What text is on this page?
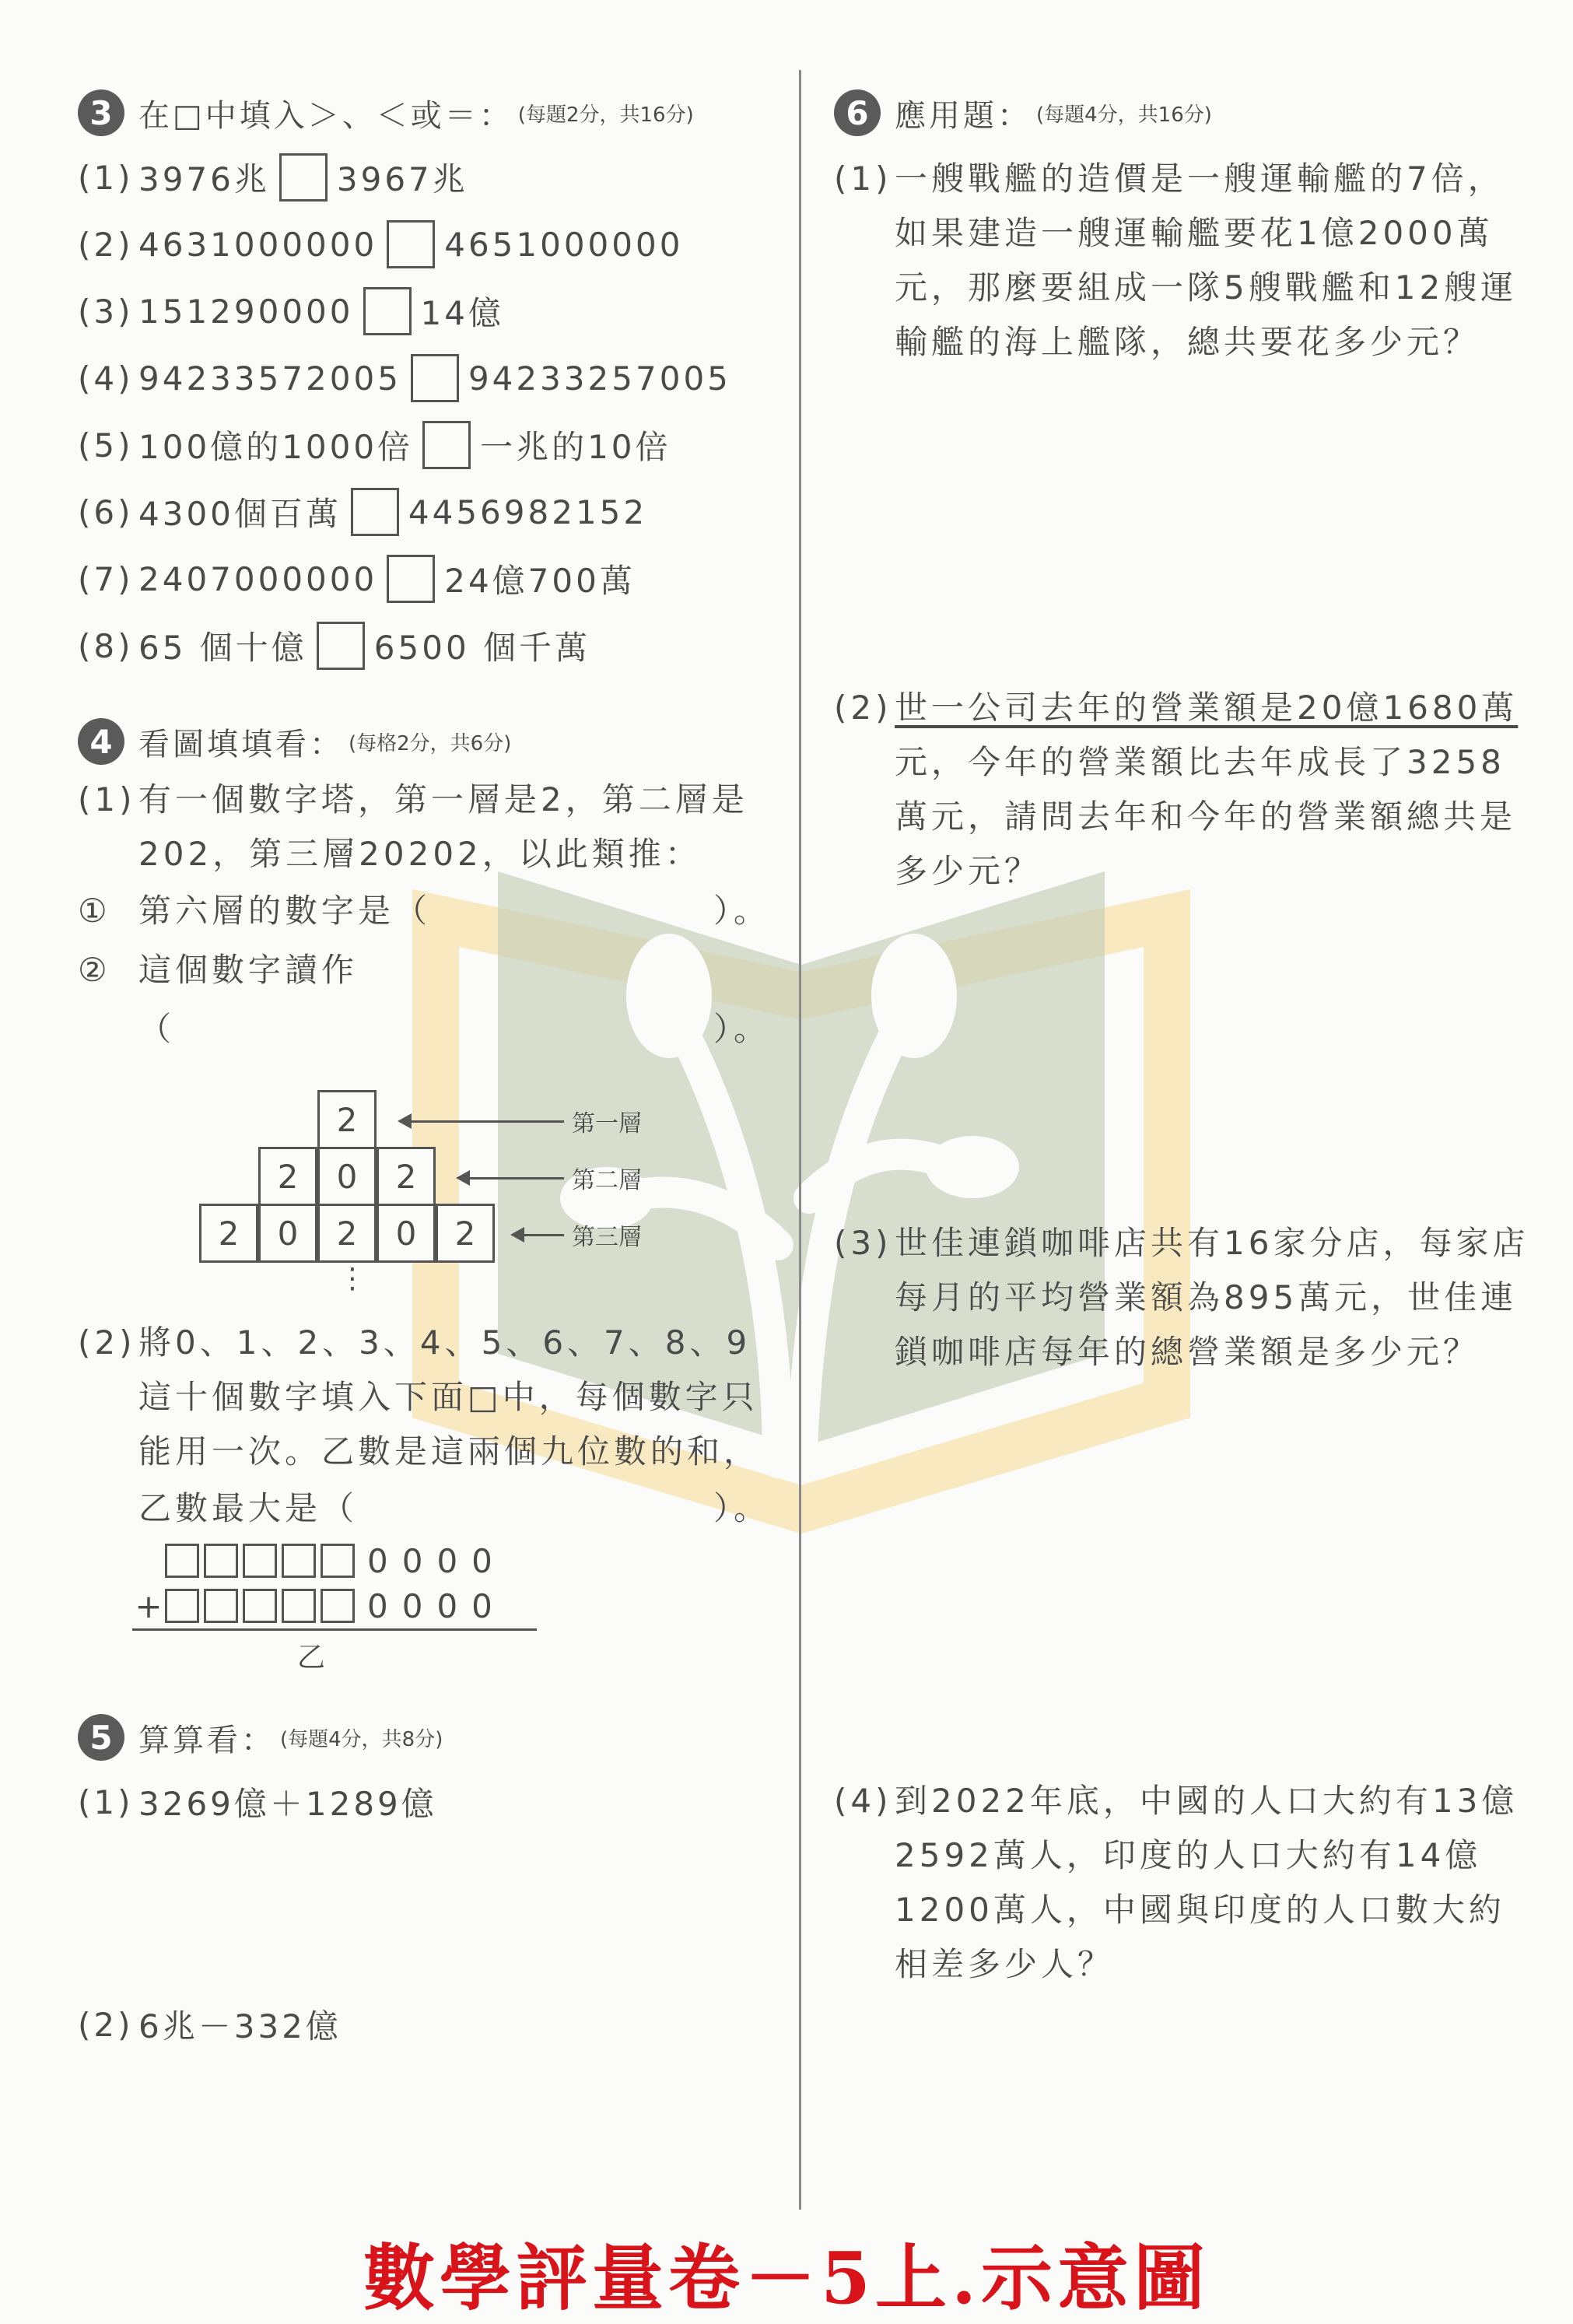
3 在□中填入＞、＜或＝： (每題2分，共16分)
(1) 3976兆 3967兆
(2) 4631000000 4651000000
(3) 151290000 14億
(4) 94233572005 94233257005
(5) 100億的1000倍 一兆的10倍
(6) 4300個百萬 4456982152
(7) 2407000000 24億700萬
(8) 65 個十億 6500 個千萬
4 看圖填填看： (每格2分，共6分)
(1)有一個數字塔，第一層是2，第二層是
202，第三層20202，以此類推：
① 第六層的數字是（	）。
② 這個數字讀作
（	）。
2
2	0	2
2	0	2	0	2
第一層
第二層
第三層
⋮
(2)將0、1、2、3、4、5、6、7、8、9
這十個數字填入下面□中，每個數字只
能用一次。乙數是這兩個九位數的和，
乙數最大是（	）。
0000
+	0000
乙
5 算算看： (每題4分，共8分)
(1) 3269億＋1289億
(2) 6兆－332億
6 應用題： (每題4分，共16分)
(1)一艘戰艦的造價是一艘運輸艦的7倍，
如果建造一艘運輸艦要花1億2000萬
元，那麼要組成一隊5艘戰艦和12艘運
輸艦的海上艦隊，總共要花多少元？
(2)世一公司去年的營業額是20億1680萬
元，今年的營業額比去年成長了3258
萬元，請問去年和今年的營業額總共是
多少元？
(3)世佳連鎖咖啡店共有16家分店，每家店
每月的平均營業額為895萬元，世佳連
鎖咖啡店每年的總營業額是多少元？
(4)到2022年底，中國的人口大約有13億
2592萬人，印度的人口大約有14億
1200萬人，中國與印度的人口數大約
相差多少人？
數學評量卷－5上.示意圖
